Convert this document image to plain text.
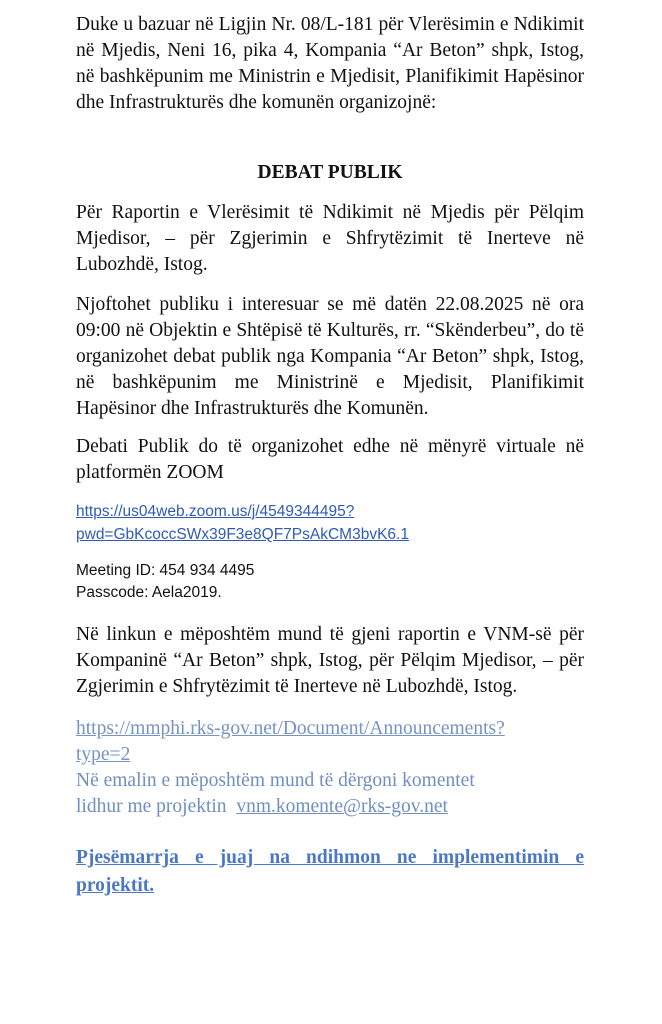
Duke u bazuar në Ligjin Nr. 08/L-181 për Vlerësimin e Ndikimit në Mjedis, Neni 16, pika 4, Kompania “Ar Beton” shpk, Istog, në bashkëpunim me Ministrin e Mjedisit, Planifikimit Hapësinor dhe Infrastrukturës dhe komunën organizojnë:

DEBAT PUBLIK

Për Raportin e Vlerësimit të Ndikimit në Mjedis për Pëlqim Mjedisor, – për Zgjerimin e Shfrytëzimit të Inerteve në Lubozhdë, Istog.

Njoftohet publiku i interesuar se më datën 22.08.2025 në ora 09:00 në Objektin e Shtëpisë të Kulturës, rr. “Skënderbeu”, do të organizohet debat publik nga Kompania “Ar Beton” shpk, Istog, në bashkëpunim me Ministrinë e Mjedisit, Planifikimit Hapësinor dhe Infrastrukturës dhe Komunën.

Debati Publik do të organizohet edhe në mënyrë virtuale në platformën ZOOM

https://us04web.zoom.us/j/4549344495?
pwd=GbKcoccSWx39F3e8QF7PsAkCM3bvK6.1
Meeting ID: 454 934 4495
Passcode: Aela2019.

Në linkun e mëposhtëm mund të gjeni raportin e VNM-së për Kompaninë “Ar Beton” shpk, Istog, për Pëlqim Mjedisor, – për Zgjerimin e Shfrytëzimit të Inerteve në Lubozhdë, Istog.

https://mmphi.rks-gov.net/Document/Announcements?
type=2
Në emalin e mëposhtëm mund të dërgoni komentet
lidhur me projektin  vnm.komente@rks-gov.net

Pjesëmarrja e juaj na ndihmon ne implementimin e projektit.
